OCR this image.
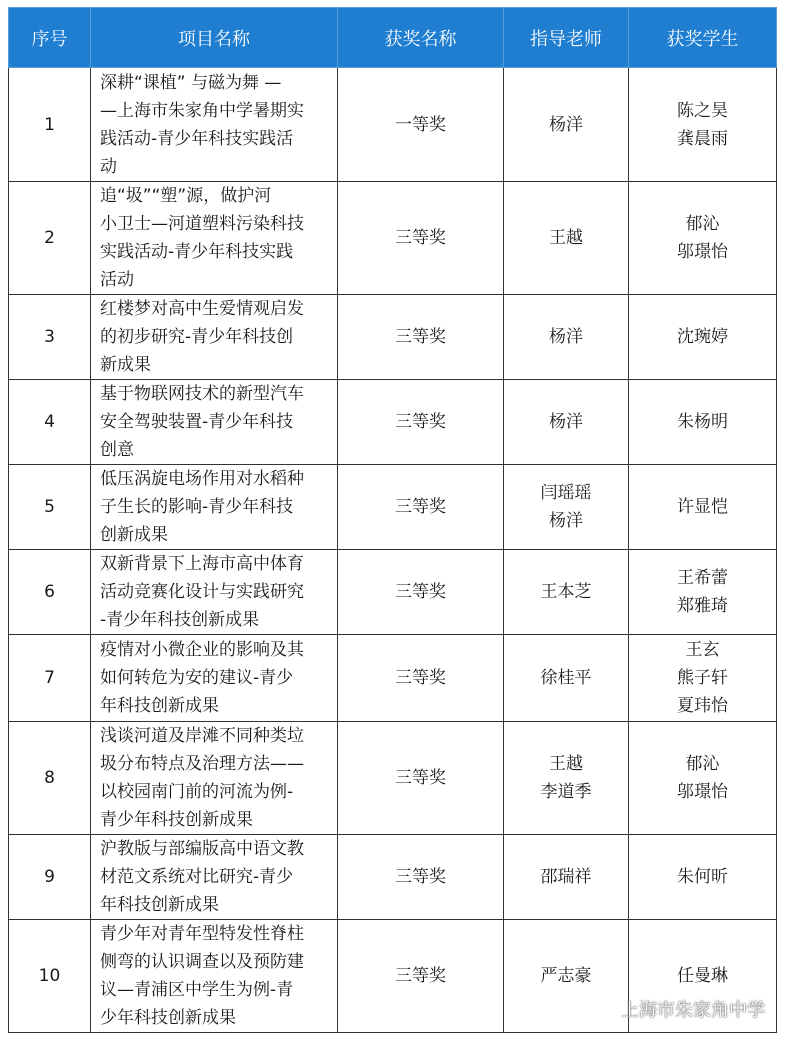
序号	项目名称	获奖名称	指导老师	获奖学生
1	深耕“课植” 与磁为舞 —
—上海市朱家角中学暑期实
践活动-青少年科技实践活
动	一等奖	杨洋	陈之昊
龚晨雨

2	追“圾”“塑”源，做护河
小卫士—河道塑料污染科技
实践活动-青少年科技实践
活动	三等奖	王越	郁沁
邬璟怡

3	红楼梦对高中生爱情观启发
的初步研究-青少年科技创
新成果	三等奖	杨洋	沈琬婷

4	基于物联网技术的新型汽车
安全驾驶装置-青少年科技
创意	三等奖	杨洋	朱杨明

5	低压涡旋电场作用对水稻种
子生长的影响-青少年科技
创新成果	三等奖	闫瑶瑶
杨洋	许显恺

6	双新背景下上海市高中体育
活动竞赛化设计与实践研究
-青少年科技创新成果	三等奖	王本芝	王希蕾
郑雅琦

7	疫情对小微企业的影响及其
如何转危为安的建议-青少
年科技创新成果	三等奖	徐桂平	王玄
熊子轩
夏玮怡

8	浅谈河道及岸滩不同种类垃
圾分布特点及治理方法——
以校园南门前的河流为例-
青少年科技创新成果	三等奖	王越
李道季	郁沁
邬璟怡

9	沪教版与部编版高中语文教
材范文系统对比研究-青少
年科技创新成果	三等奖	邵瑞祥	朱何昕

10	青少年对青年型特发性脊柱
侧弯的认识调查以及预防建
议—青浦区中学生为例-青
少年科技创新成果	三等奖	严志豪	任曼琳
上海市朱家角中学
